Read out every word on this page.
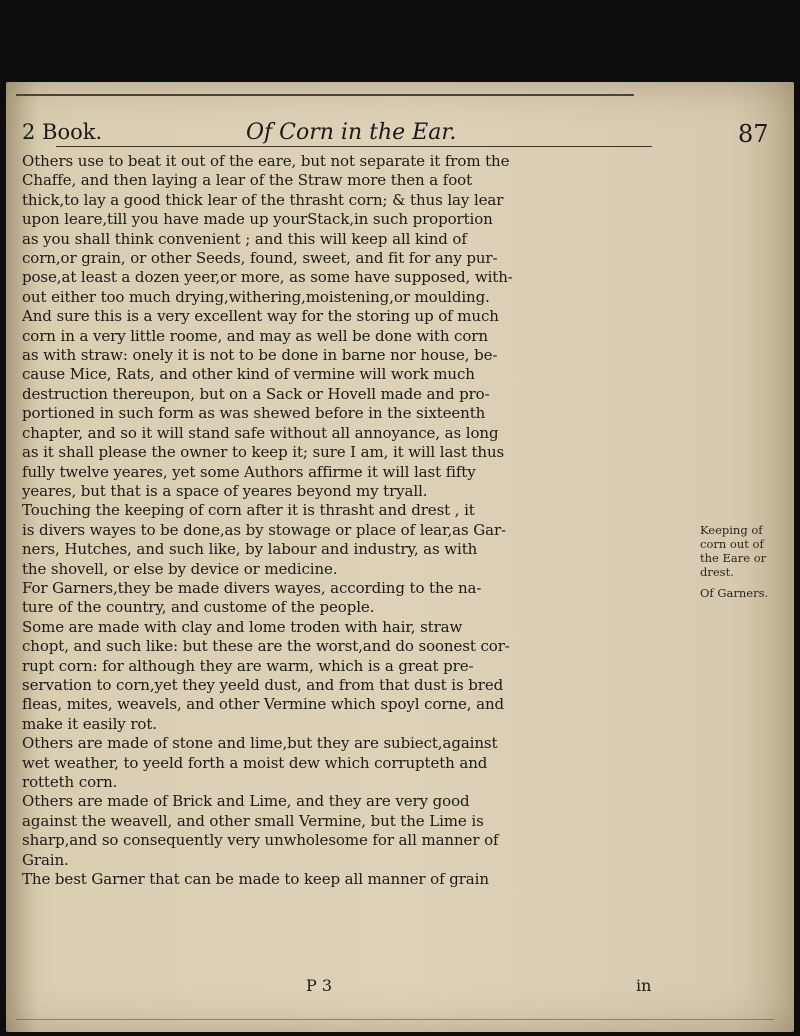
2 Book.	Of Corn in the Ear.	87
Others use to beat it out of the eare, but not separate it from the
Chaffe, and then laying a lear of the Straw more then a foot
thick,to lay a good thick lear of the thrasht corn; & thus lay lear
upon leare,till you have made up yourStack,in such proportion
as you shall think convenient ; and this will keep all kind of
corn,or grain, or other Seeds, found, sweet, and fit for any pur-
pose,at least a dozen yeer,or more, as some have supposed, with-
out either too much drying,withering,moistening,or moulding.
And sure this is a very excellent way for the storing up of much
corn in a very little roome, and may as well be done with corn
as with straw: onely it is not to be done in barne nor house, be-
cause Mice, Rats, and other kind of vermine will work much
destruction thereupon, but on a Sack or Hovell made and pro-
portioned in such form as was shewed before in the sixteenth
chapter, and so it will stand safe without all annoyance, as long
as it shall please the owner to keep it; sure I am, it will last thus
fully twelve yeares, yet some Authors affirme it will last fifty
yeares, but that is a space of yeares beyond my tryall.
Touching the keeping of corn after it is thrasht and drest , it
is divers wayes to be done,as by stowage or place of lear,as Gar-
ners, Hutches, and such like, by labour and industry, as with
the shovell, or else by device or medicine.
For Garners,they be made divers wayes, according to the na-
ture of the country, and custome of the people.
Some are made with clay and lome troden with hair, straw
chopt, and such like: but these are the worst,and do soonest cor-
rupt corn: for although they are warm, which is a great pre-
servation to corn,yet they yeeld dust, and from that dust is bred
fleas, mites, weavels, and other Vermine which spoyl corne, and
make it easily rot.
Others are made of stone and lime,but they are subiect,against
wet weather, to yeeld forth a moist dew which corrupteth and
rotteth corn.
Others are made of Brick and Lime, and they are very good
against the weavell, and other small Vermine, but the Lime is
sharp,and so consequently very unwholesome for all manner of
Grain.
The best Garner that can be made to keep all manner of grain
Keeping of
corn out of
the Eare or
drest.
Of Garners.
P 3	in
